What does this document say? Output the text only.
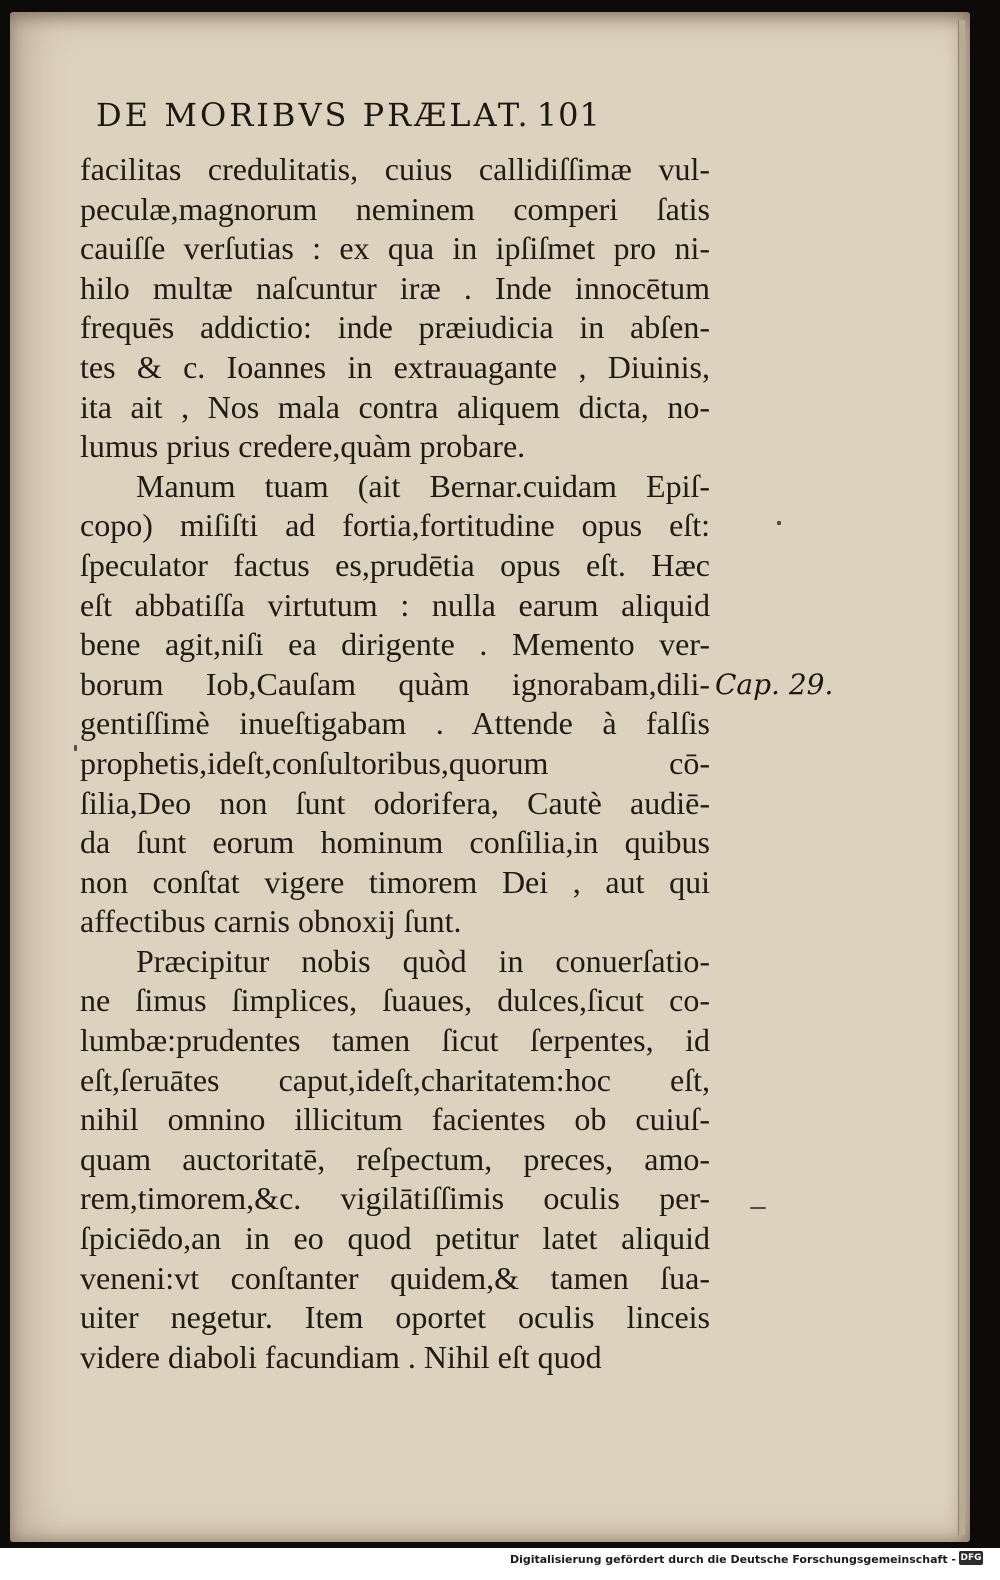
DE MORIBVS PRÆLAT. 101
facilitas credulitatis, cuius callidiſſimæ vul-
peculæ,magnorum neminem comperi ſatis
cauiſſe verſutias : ex qua in ipſiſmet pro ni-
hilo multæ naſcuntur iræ . Inde innocētum
frequēs addictio: inde præiudicia in abſen-
tes & c. Ioannes in extrauagante , Diuinis,
ita ait , Nos mala contra aliquem dicta, no-
lumus prius credere,quàm probare.
Manum tuam (ait Bernar.cuidam Epiſ-
copo) miſiſti ad fortia,fortitudine opus eſt:
ſpeculator factus es,prudētia opus eſt. Hæc
eſt abbatiſſa virtutum : nulla earum aliquid
bene agit,niſi ea dirigente . Memento ver-
borum Iob,Cauſam quàm ignorabam,dili-
gentiſſimè inueſtigabam . Attende à falſis
prophetis,ideſt,conſultoribus,quorum cō-
ſilia,Deo non ſunt odorifera, Cautè audiē-
da ſunt eorum hominum conſilia,in quibus
non conſtat vigere timorem Dei , aut qui
affectibus carnis obnoxij ſunt.
Præcipitur nobis quòd in conuerſatio-
ne ſimus ſimplices, ſuaues, dulces,ſicut co-
lumbæ:prudentes tamen ſicut ſerpentes, id
eſt,ſeruātes caput,ideſt,charitatem:hoc eſt,
nihil omnino illicitum facientes ob cuiuſ-
quam auctoritatē, reſpectum, preces, amo-
rem,timorem,&c. vigilātiſſimis oculis per-
ſpiciēdo,an in eo quod petitur latet aliquid
veneni:vt conſtanter quidem,& tamen ſua-
uiter negetur. Item oportet oculis linceis
videre diaboli facundiam . Nihil eſt quod
Cap. 29.
Digitalisierung gefördert durch die Deutsche Forschungsgemeinschaft - DFG
